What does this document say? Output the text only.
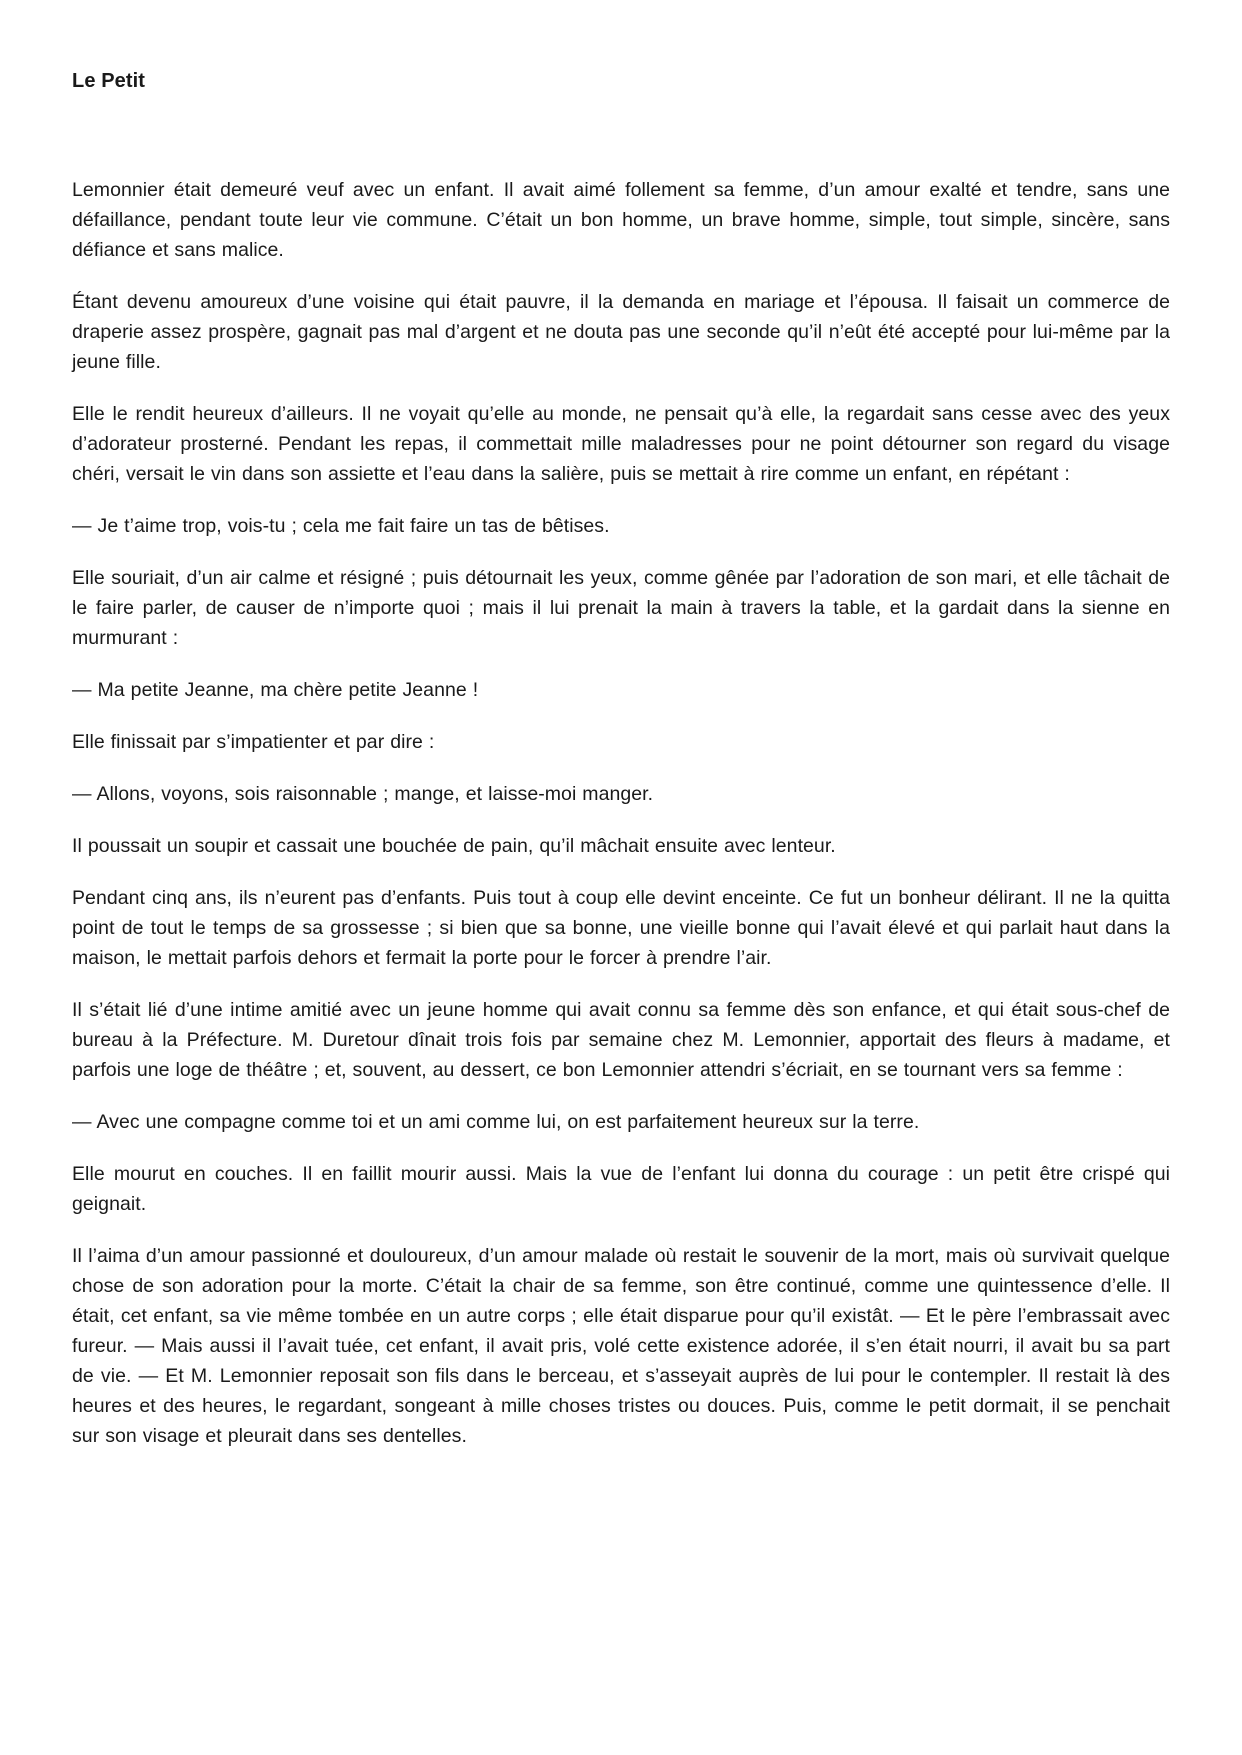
Le Petit

Lemonnier était demeuré veuf avec un enfant. Il avait aimé follement sa femme, d’un amour exalté et tendre, sans une défaillance, pendant toute leur vie commune. C’était un bon homme, un brave homme, simple, tout simple, sincère, sans défiance et sans malice.

Étant devenu amoureux d’une voisine qui était pauvre, il la demanda en mariage et l’épousa. Il faisait un commerce de draperie assez prospère, gagnait pas mal d’argent et ne douta pas une seconde qu’il n’eût été accepté pour lui-même par la jeune fille.

Elle le rendit heureux d’ailleurs. Il ne voyait qu’elle au monde, ne pensait qu’à elle, la regardait sans cesse avec des yeux d’adorateur prosterné. Pendant les repas, il commettait mille maladresses pour ne point détourner son regard du visage chéri, versait le vin dans son assiette et l’eau dans la salière, puis se mettait à rire comme un enfant, en répétant :

— Je t’aime trop, vois-tu ; cela me fait faire un tas de bêtises.

Elle souriait, d’un air calme et résigné ; puis détournait les yeux, comme gênée par l’adoration de son mari, et elle tâchait de le faire parler, de causer de n’importe quoi ; mais il lui prenait la main à travers la table, et la gardait dans la sienne en murmurant :

— Ma petite Jeanne, ma chère petite Jeanne !

Elle finissait par s’impatienter et par dire :

— Allons, voyons, sois raisonnable ; mange, et laisse-moi manger.

Il poussait un soupir et cassait une bouchée de pain, qu’il mâchait ensuite avec lenteur.

Pendant cinq ans, ils n’eurent pas d’enfants. Puis tout à coup elle devint enceinte. Ce fut un bonheur délirant. Il ne la quitta point de tout le temps de sa grossesse ; si bien que sa bonne, une vieille bonne qui l’avait élevé et qui parlait haut dans la maison, le mettait parfois dehors et fermait la porte pour le forcer à prendre l’air.

Il s’était lié d’une intime amitié avec un jeune homme qui avait connu sa femme dès son enfance, et qui était sous-chef de bureau à la Préfecture. M. Duretour dînait trois fois par semaine chez M. Lemonnier, apportait des fleurs à madame, et parfois une loge de théâtre ; et, souvent, au dessert, ce bon Lemonnier attendri s’écriait, en se tournant vers sa femme :

— Avec une compagne comme toi et un ami comme lui, on est parfaitement heureux sur la terre.

Elle mourut en couches. Il en faillit mourir aussi. Mais la vue de l’enfant lui donna du courage : un petit être crispé qui geignait.

Il l’aima d’un amour passionné et douloureux, d’un amour malade où restait le souvenir de la mort, mais où survivait quelque chose de son adoration pour la morte. C’était la chair de sa femme, son être continué, comme une quintessence d’elle. Il était, cet enfant, sa vie même tombée en un autre corps ; elle était disparue pour qu’il existât. — Et le père l’embrassait avec fureur. — Mais aussi il l’avait tuée, cet enfant, il avait pris, volé cette existence adorée, il s’en était nourri, il avait bu sa part de vie. — Et M. Lemonnier reposait son fils dans le berceau, et s’asseyait auprès de lui pour le contempler. Il restait là des heures et des heures, le regardant, songeant à mille choses tristes ou douces. Puis, comme le petit dormait, il se penchait sur son visage et pleurait dans ses dentelles.
